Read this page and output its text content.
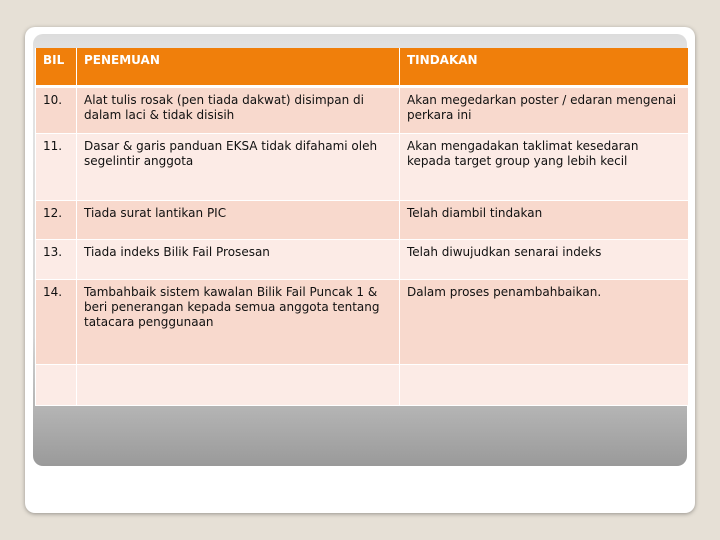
BIL	PENEMUAN	TINDAKAN
10.	Alat tulis rosak (pen tiada dakwat) disimpan di dalam laci & tidak disisih	Akan megedarkan poster / edaran mengenai perkara ini
11.	Dasar & garis panduan EKSA tidak difahami oleh segelintir anggota	Akan mengadakan taklimat kesedaran kepada target group yang lebih kecil
12.	Tiada surat lantikan PIC	Telah diambil tindakan
13.	Tiada indeks Bilik Fail Prosesan	Telah diwujudkan senarai indeks
14.	Tambahbaik sistem kawalan Bilik Fail Puncak 1 & beri penerangan kepada semua anggota tentang tatacara penggunaan	Dalam proses penambahbaikan.
